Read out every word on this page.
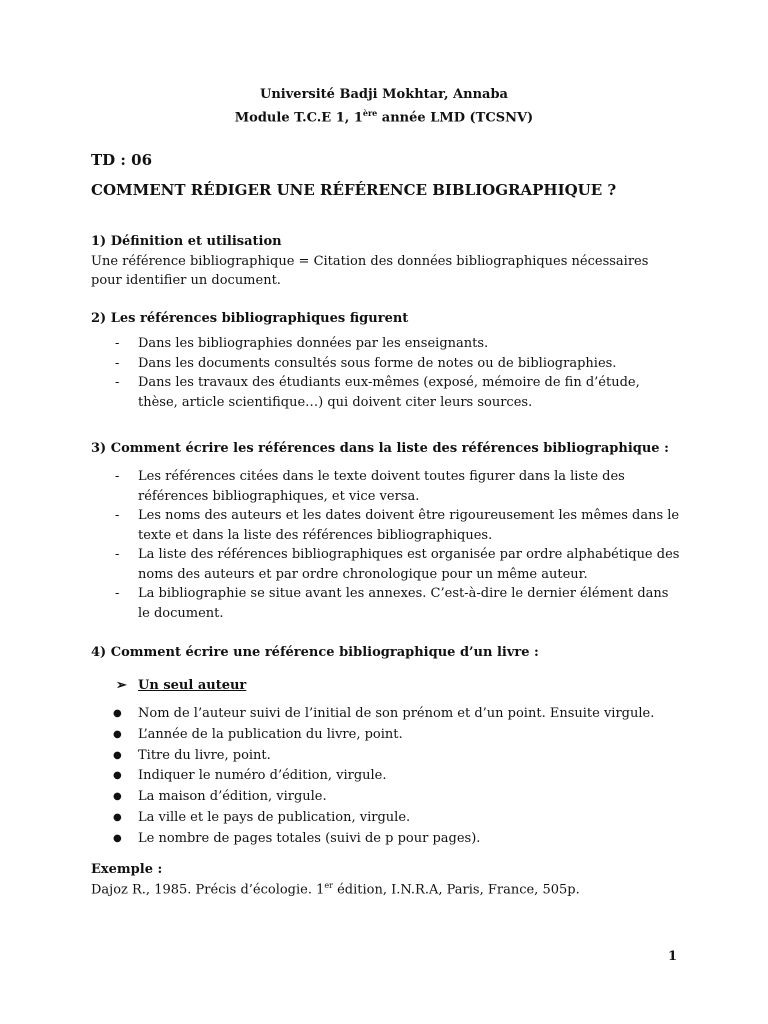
Université Badji Mokhtar, Annaba
Module T.C.E 1, 1ère année LMD (TCSNV)
TD : 06
COMMENT RÉDIGER UNE RÉFÉRENCE BIBLIOGRAPHIQUE ?
1) Définition et utilisation
Une référence bibliographique = Citation des données bibliographiques nécessaires pour identifier un document.
2) Les références bibliographiques figurent
- Dans les bibliographies données par les enseignants.
- Dans les documents consultés sous forme de notes ou de bibliographies.
- Dans les travaux des étudiants eux-mêmes (exposé, mémoire de fin d’étude, thèse, article scientifique…) qui doivent citer leurs sources.
3) Comment écrire les références dans la liste des références bibliographique :
- Les références citées dans le texte doivent toutes figurer dans la liste des références bibliographiques, et vice versa.
- Les noms des auteurs et les dates doivent être rigoureusement les mêmes dans le texte et dans la liste des références bibliographiques.
- La liste des références bibliographiques est organisée par ordre alphabétique des noms des auteurs et par ordre chronologique pour un même auteur.
- La bibliographie se situe avant les annexes. C’est-à-dire le dernier élément dans le document.
4) Comment écrire une référence bibliographique d’un livre :
➢ Un seul auteur
● Nom de l’auteur suivi de l’initial de son prénom et d’un point. Ensuite virgule.
● L’année de la publication du livre, point.
● Titre du livre, point.
● Indiquer le numéro d’édition, virgule.
● La maison d’édition, virgule.
● La ville et le pays de publication, virgule.
● Le nombre de pages totales (suivi de p pour pages).
Exemple :
Dajoz R., 1985. Précis d’écologie. 1er édition, I.N.R.A, Paris, France, 505p.
1
